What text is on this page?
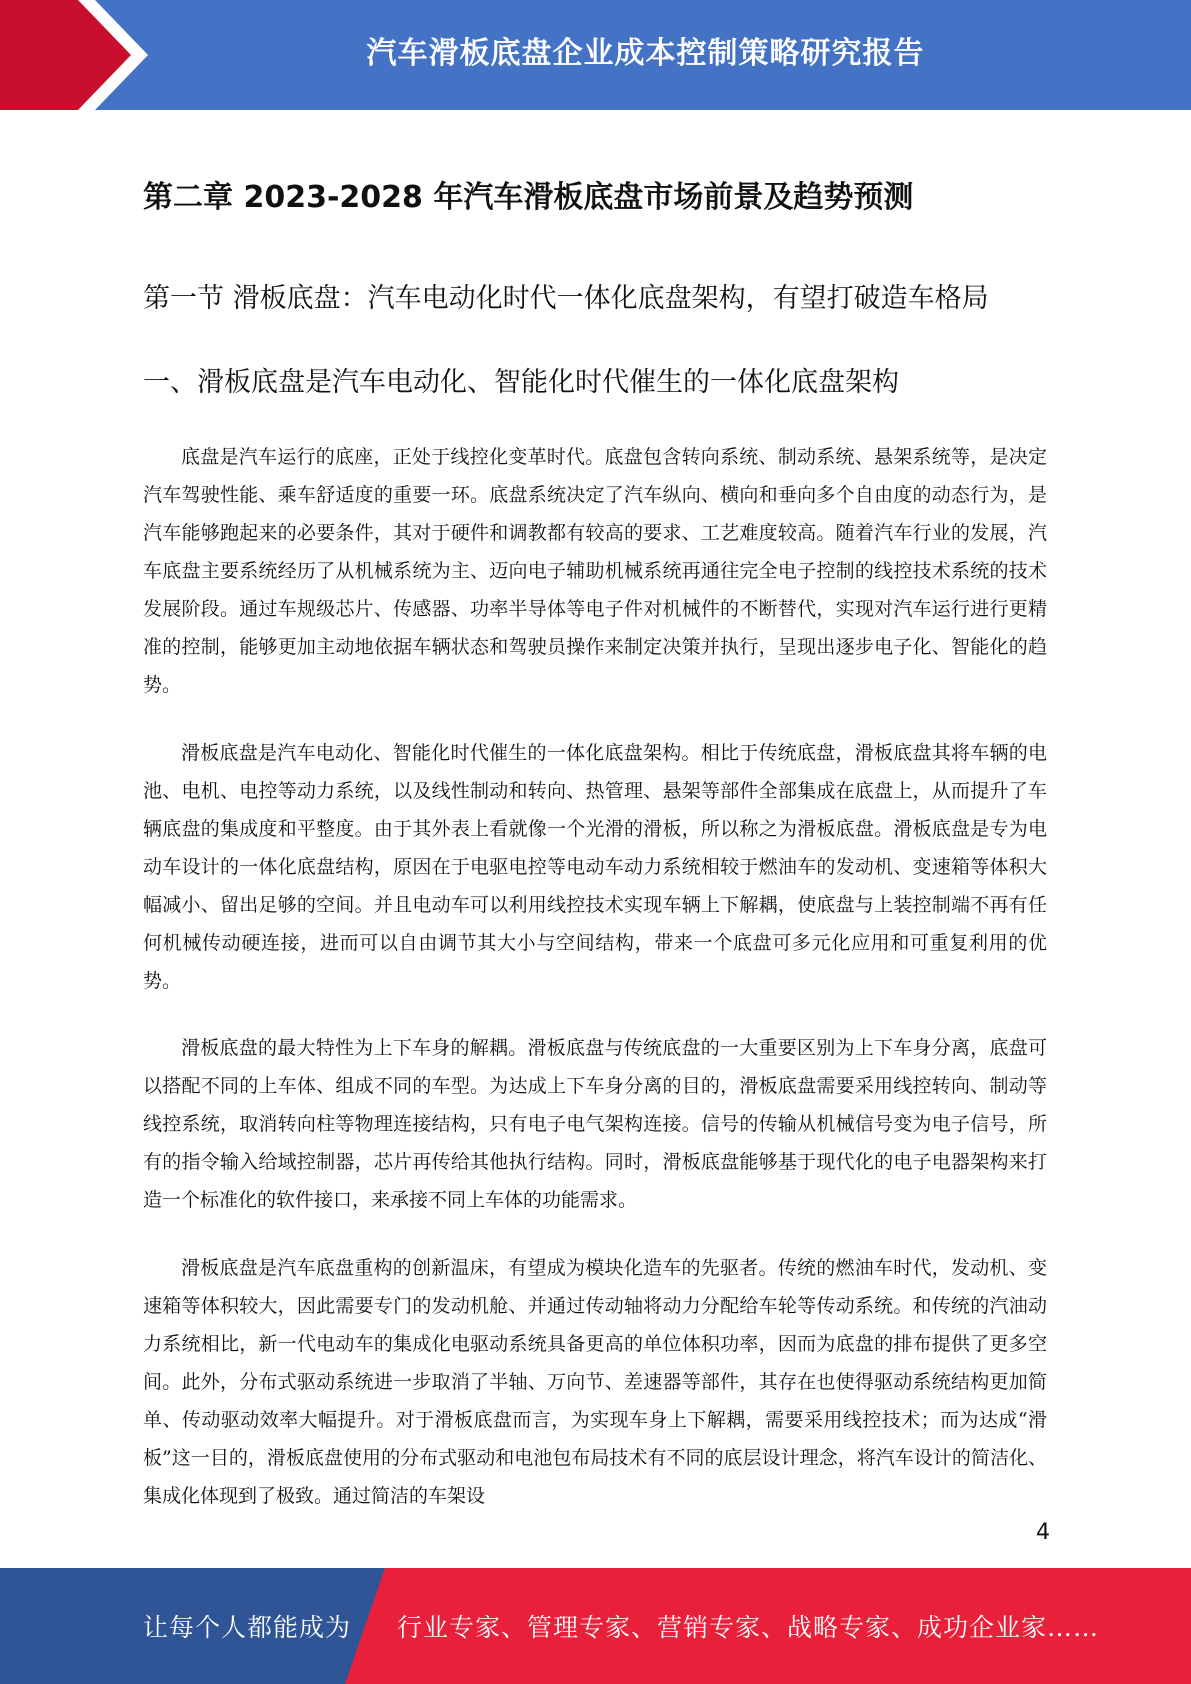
汽车滑板底盘企业成本控制策略研究报告
第二章 2023-2028 年汽车滑板底盘市场前景及趋势预测
第一节 滑板底盘：汽车电动化时代一体化底盘架构，有望打破造车格局
一、滑板底盘是汽车电动化、智能化时代催生的一体化底盘架构

底盘是汽车运行的底座，正处于线控化变革时代。底盘包含转向系统、制动系统、悬架系统等，是决定汽车驾驶性能、乘车舒适度的重要一环。底盘系统决定了汽车纵向、横向和垂向多个自由度的动态行为，是汽车能够跑起来的必要条件，其对于硬件和调教都有较高的要求、工艺难度较高。随着汽车行业的发展，汽车底盘主要系统经历了从机械系统为主、迈向电子辅助机械系统再通往完全电子控制的线控技术系统的技术发展阶段。通过车规级芯片、传感器、功率半导体等电子件对机械件的不断替代，实现对汽车运行进行更精准的控制，能够更加主动地依据车辆状态和驾驶员操作来制定决策并执行，呈现出逐步电子化、智能化的趋势。

滑板底盘是汽车电动化、智能化时代催生的一体化底盘架构。相比于传统底盘，滑板底盘其将车辆的电池、电机、电控等动力系统，以及线性制动和转向、热管理、悬架等部件全部集成在底盘上，从而提升了车辆底盘的集成度和平整度。由于其外表上看就像一个光滑的滑板，所以称之为滑板底盘。滑板底盘是专为电动车设计的一体化底盘结构，原因在于电驱电控等电动车动力系统相较于燃油车的发动机、变速箱等体积大幅减小、留出足够的空间。并且电动车可以利用线控技术实现车辆上下解耦，使底盘与上装控制端不再有任何机械传动硬连接，进而可以自由调节其大小与空间结构，带来一个底盘可多元化应用和可重复利用的优势。

滑板底盘的最大特性为上下车身的解耦。滑板底盘与传统底盘的一大重要区别为上下车身分离，底盘可以搭配不同的上车体、组成不同的车型。为达成上下车身分离的目的，滑板底盘需要采用线控转向、制动等线控系统，取消转向柱等物理连接结构，只有电子电气架构连接。信号的传输从机械信号变为电子信号，所有的指令输入给域控制器，芯片再传给其他执行结构。同时，滑板底盘能够基于现代化的电子电器架构来打造一个标准化的软件接口，来承接不同上车体的功能需求。

滑板底盘是汽车底盘重构的创新温床，有望成为模块化造车的先驱者。传统的燃油车时代，发动机、变速箱等体积较大，因此需要专门的发动机舱、并通过传动轴将动力分配给车轮等传动系统。和传统的汽油动力系统相比，新一代电动车的集成化电驱动系统具备更高的单位体积功率，因而为底盘的排布提供了更多空间。此外，分布式驱动系统进一步取消了半轴、万向节、差速器等部件，其存在也使得驱动系统结构更加简单、传动驱动效率大幅提升。对于滑板底盘而言，为实现车身上下解耦，需要采用线控技术；而为达成“滑板”这一目的，滑板底盘使用的分布式驱动和电池包布局技术有不同的底层设计理念，将汽车设计的简洁化、集成化体现到了极致。通过简洁的车架设

4
让每个人都能成为 行业专家、管理专家、营销专家、战略专家、成功企业家……
